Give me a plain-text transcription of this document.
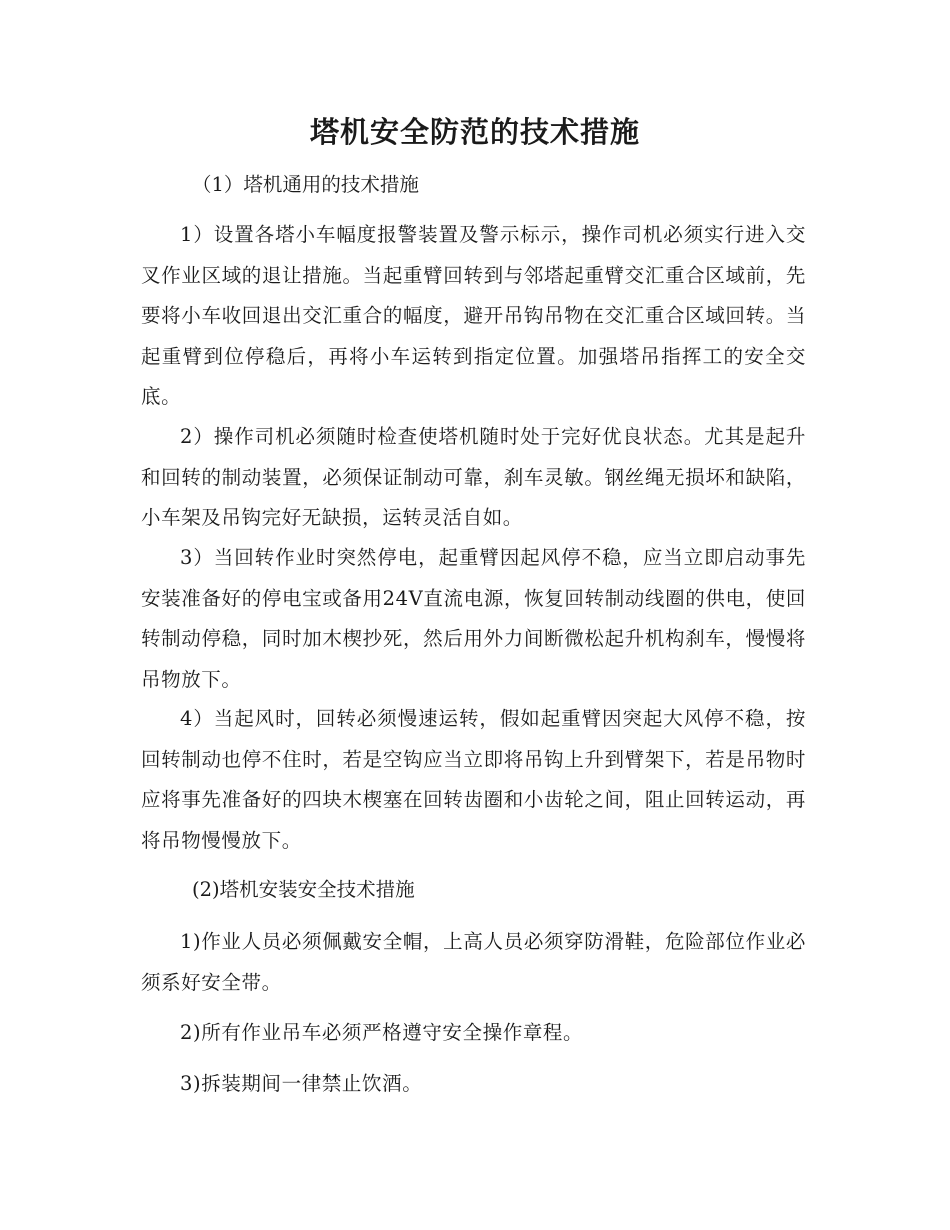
塔机安全防范的技术措施
（1）塔机通用的技术措施
1）设置各塔小车幅度报警装置及警示标示，操作司机必须实行进入交叉作业区域的退让措施。当起重臂回转到与邻塔起重臂交汇重合区域前，先要将小车收回退出交汇重合的幅度，避开吊钩吊物在交汇重合区域回转。当起重臂到位停稳后，再将小车运转到指定位置。加强塔吊指挥工的安全交底。
2）操作司机必须随时检查使塔机随时处于完好优良状态。尤其是起升和回转的制动装置，必须保证制动可靠，刹车灵敏。钢丝绳无损坏和缺陷，小车架及吊钩完好无缺损，运转灵活自如。
3）当回转作业时突然停电，起重臂因起风停不稳，应当立即启动事先安装准备好的停电宝或备用24V直流电源，恢复回转制动线圈的供电，使回转制动停稳，同时加木楔抄死，然后用外力间断微松起升机构刹车，慢慢将吊物放下。
4）当起风时，回转必须慢速运转，假如起重臂因突起大风停不稳，按回转制动也停不住时，若是空钩应当立即将吊钩上升到臂架下，若是吊物时应将事先准备好的四块木楔塞在回转齿圈和小齿轮之间，阻止回转运动，再将吊物慢慢放下。
(2)塔机安装安全技术措施
1)作业人员必须佩戴安全帽，上高人员必须穿防滑鞋，危险部位作业必须系好安全带。
2)所有作业吊车必须严格遵守安全操作章程。
3)拆装期间一律禁止饮酒。
